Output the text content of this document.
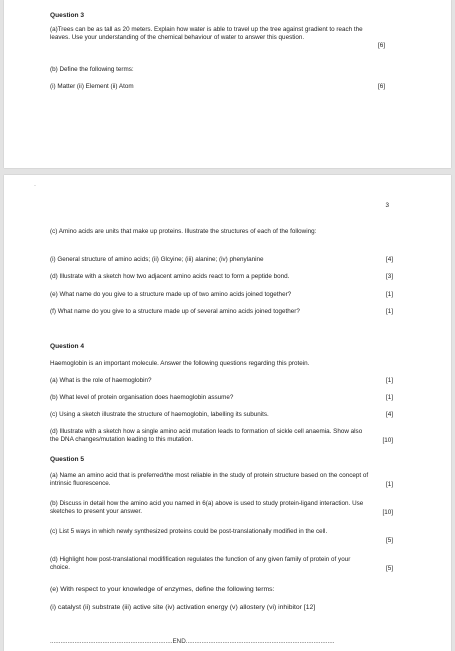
Question 3
(a)Trees can be as tall as 20 meters. Explain how water is able to travel up the tree against gradient to reach the leaves. Use your understanding of the chemical behaviour of water to answer this question.
[6]
(b) Define the following terms:
(i) Matter (ii) Element (ii) Atom	[6]
·
3
(c) Amino acids are units that make up proteins. Illustrate the structures of each of the following:
(i) General structure of amino acids; (ii) Glcyine; (iii) alanine; (iv) phenylanine	[4]
(d) Illustrate with a sketch how two adjacent amino acids react to form a peptide bond.	[3]
(e) What name do you give to a structure made up of two amino acids joined together?	[1]
(f) What name do you give to a structure made up of several amino acids joined together?	[1]
Question 4
Haemoglobin is an important molecule. Answer the following questions regarding this protein.
(a) What is the role of haemoglobin?	[1]
(b) What level of protein organisation does haemoglobin assume?	[1]
(c) Using a sketch illustrate the structure of haemoglobin, labelling its subunits.	[4]
(d) Illustrate with a sketch how a single amino acid mutation leads to formation of sickle cell anaemia. Show also the DNA changes/mutation leading to this mutation.	[10]
Question 5
(a) Name an amino acid that is preferred/the most reliable in the study of protein structure based on the concept of intrinsic fluorescence.	[1]
(b) Discuss in detail how the amino acid you named in 6(a) above is used to study protein-ligand interaction. Use sketches to present your answer.	[10]
(c) List 5 ways in which newly synthesized proteins could be post-translationally modified in the cell.
[5]
(d) Highlight how post-translational modifification regulates the function of any given family of protein of your choice.	[5]
(e) With respect to your knowledge of enzymes, define the following terms:
(i) catalyst (ii) substrate (iii) active site (iv) activation energy (v) allostery (vi) inhibitor [12]
......................................................................END.....................................................................................
